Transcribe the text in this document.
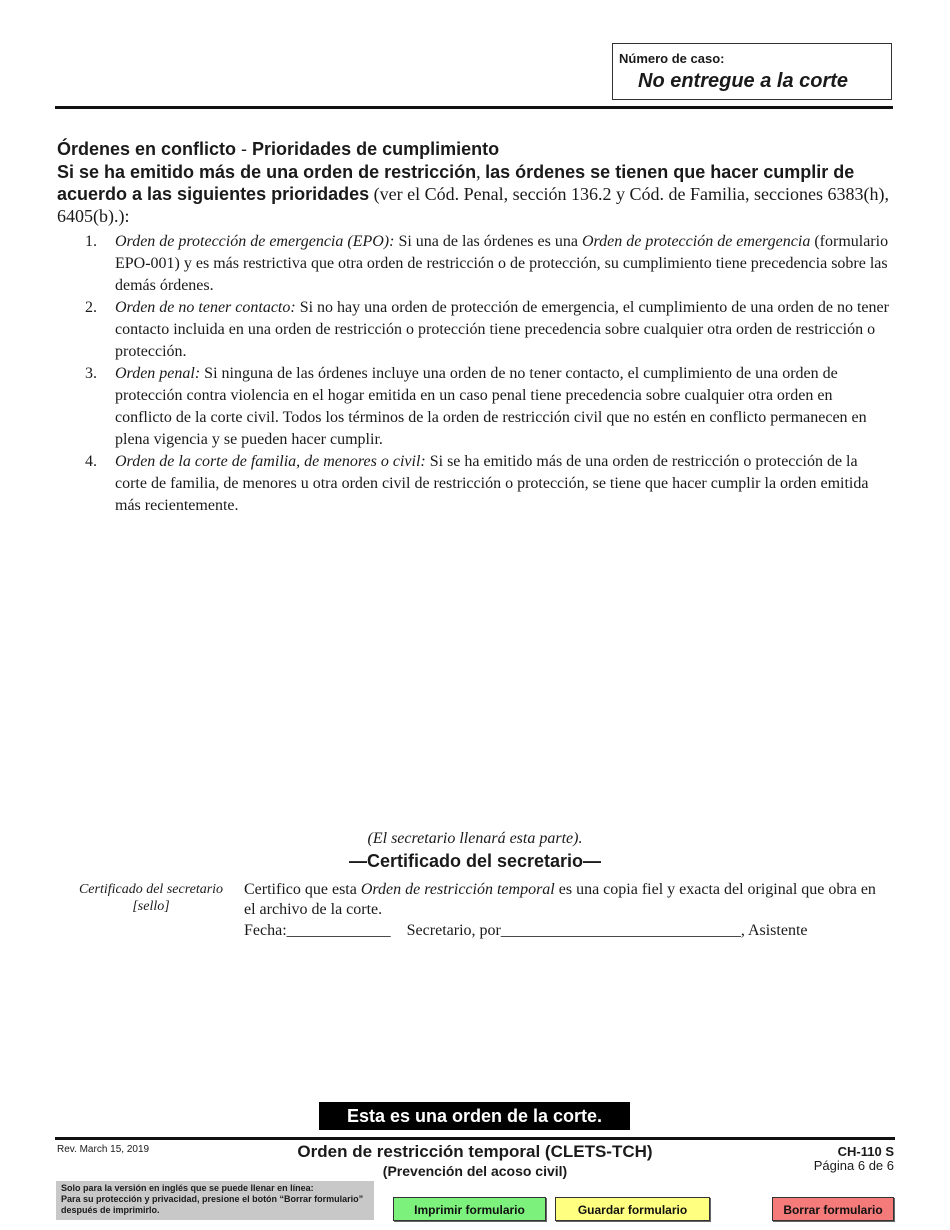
Número de caso:
No entregue a la corte
Órdenes en conflicto - Prioridades de cumplimiento
Si se ha emitido más de una orden de restricción, las órdenes se tienen que hacer cumplir de acuerdo a las siguientes prioridades (ver el Cód. Penal, sección 136.2 y Cód. de Familia, secciones 6383(h), 6405(b).):
1. Orden de protección de emergencia (EPO): Si una de las órdenes es una Orden de protección de emergencia (formulario EPO-001) y es más restrictiva que otra orden de restricción o de protección, su cumplimiento tiene precedencia sobre las demás órdenes.
2. Orden de no tener contacto: Si no hay una orden de protección de emergencia, el cumplimiento de una orden de no tener contacto incluida en una orden de restricción o protección tiene precedencia sobre cualquier otra orden de restricción o protección.
3. Orden penal: Si ninguna de las órdenes incluye una orden de no tener contacto, el cumplimiento de una orden de protección contra violencia en el hogar emitida en un caso penal tiene precedencia sobre cualquier otra orden en conflicto de la corte civil. Todos los términos de la orden de restricción civil que no estén en conflicto permanecen en plena vigencia y se pueden hacer cumplir.
4. Orden de la corte de familia, de menores o civil: Si se ha emitido más de una orden de restricción o protección de la corte de familia, de menores u otra orden civil de restricción o protección, se tiene que hacer cumplir la orden emitida más recientemente.
(El secretario llenará esta parte).
—Certificado del secretario—
Certificado del secretario
[sello]
Certifico que esta Orden de restricción temporal es una copia fiel y exacta del original que obra en el archivo de la corte.
Fecha:_____________ Secretario, por______________________________, Asistente
Esta es una orden de la corte.
Rev. March 15, 2019	Orden de restricción temporal (CLETS-TCH)
(Prevención del acoso civil)
CH-110 S
Página 6 de 6
Solo para la versión en inglés que se puede llenar en línea:
Para su protección y privacidad, presione el botón “Borrar formulario”
después de imprimirlo.	Imprimir formulario	Guardar formulario	Borrar formulario
